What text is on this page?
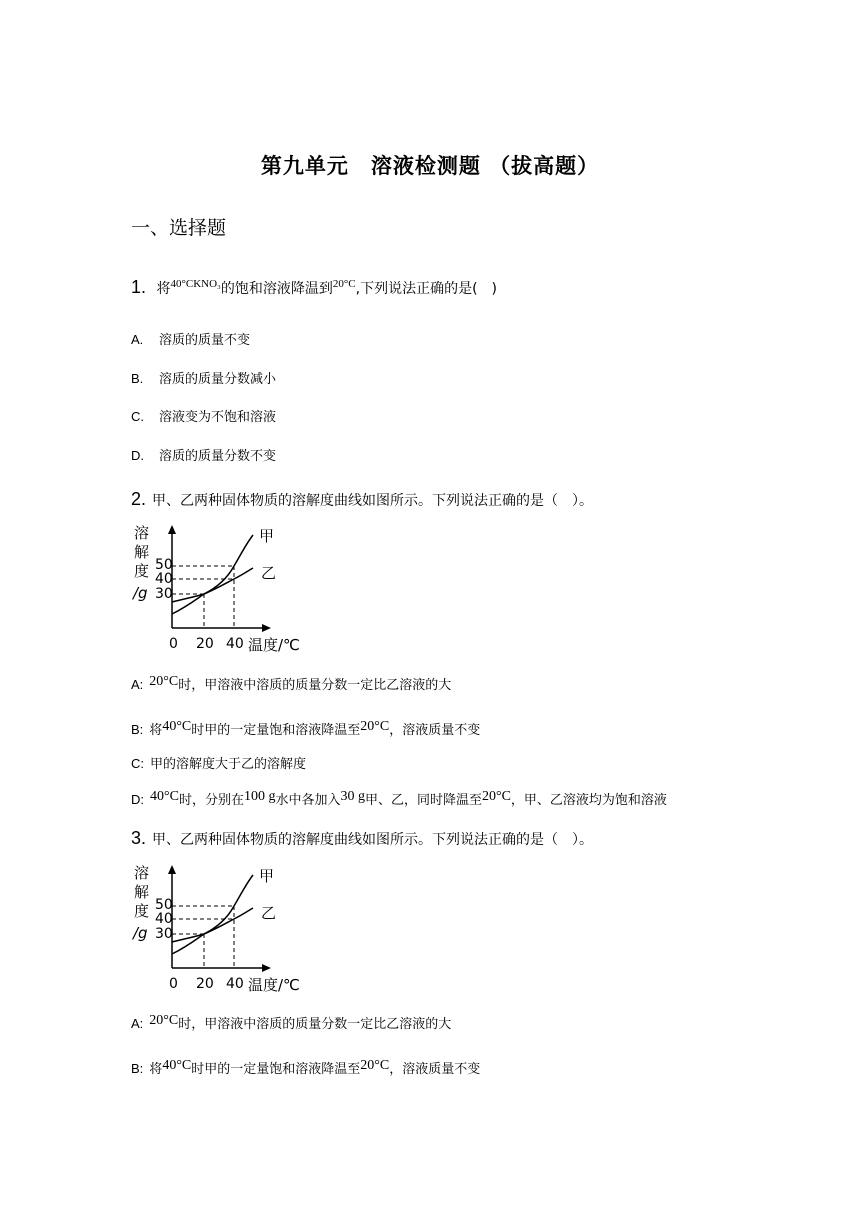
第九单元　溶液检测题 （拔高题）
一、选择题
1. 将$^{40^\circ CKNO_3}$的饱和溶液降温到$^{20^\circ C}$,下列说法正确的是(　)
A. 溶质的质量不变
B. 溶质的质量分数减小
C. 溶液变为不饱和溶液
D. 溶质的质量分数不变
2. 甲、乙两种固体物质的溶解度曲线如图所示。下列说法正确的是（　）。
溶
解
度
/g
50
40
30
甲
乙
0 20 40 温度/℃
A: 20°C时，甲溶液中溶质的质量分数一定比乙溶液的大
B: 将40°C时甲的一定量饱和溶液降温至20°C，溶液质量不变
C: 甲的溶解度大于乙的溶解度
D: 40°C时，分别在100 g水中各加入30 g甲、乙，同时降温至20°C，甲、乙溶液均为饱和溶液
3. 甲、乙两种固体物质的溶解度曲线如图所示。下列说法正确的是（　）。
溶
解
度
/g
50
40
30
甲
乙
0 20 40 温度/℃
A: 20°C时，甲溶液中溶质的质量分数一定比乙溶液的大
B: 将40°C时甲的一定量饱和溶液降温至20°C，溶液质量不变
